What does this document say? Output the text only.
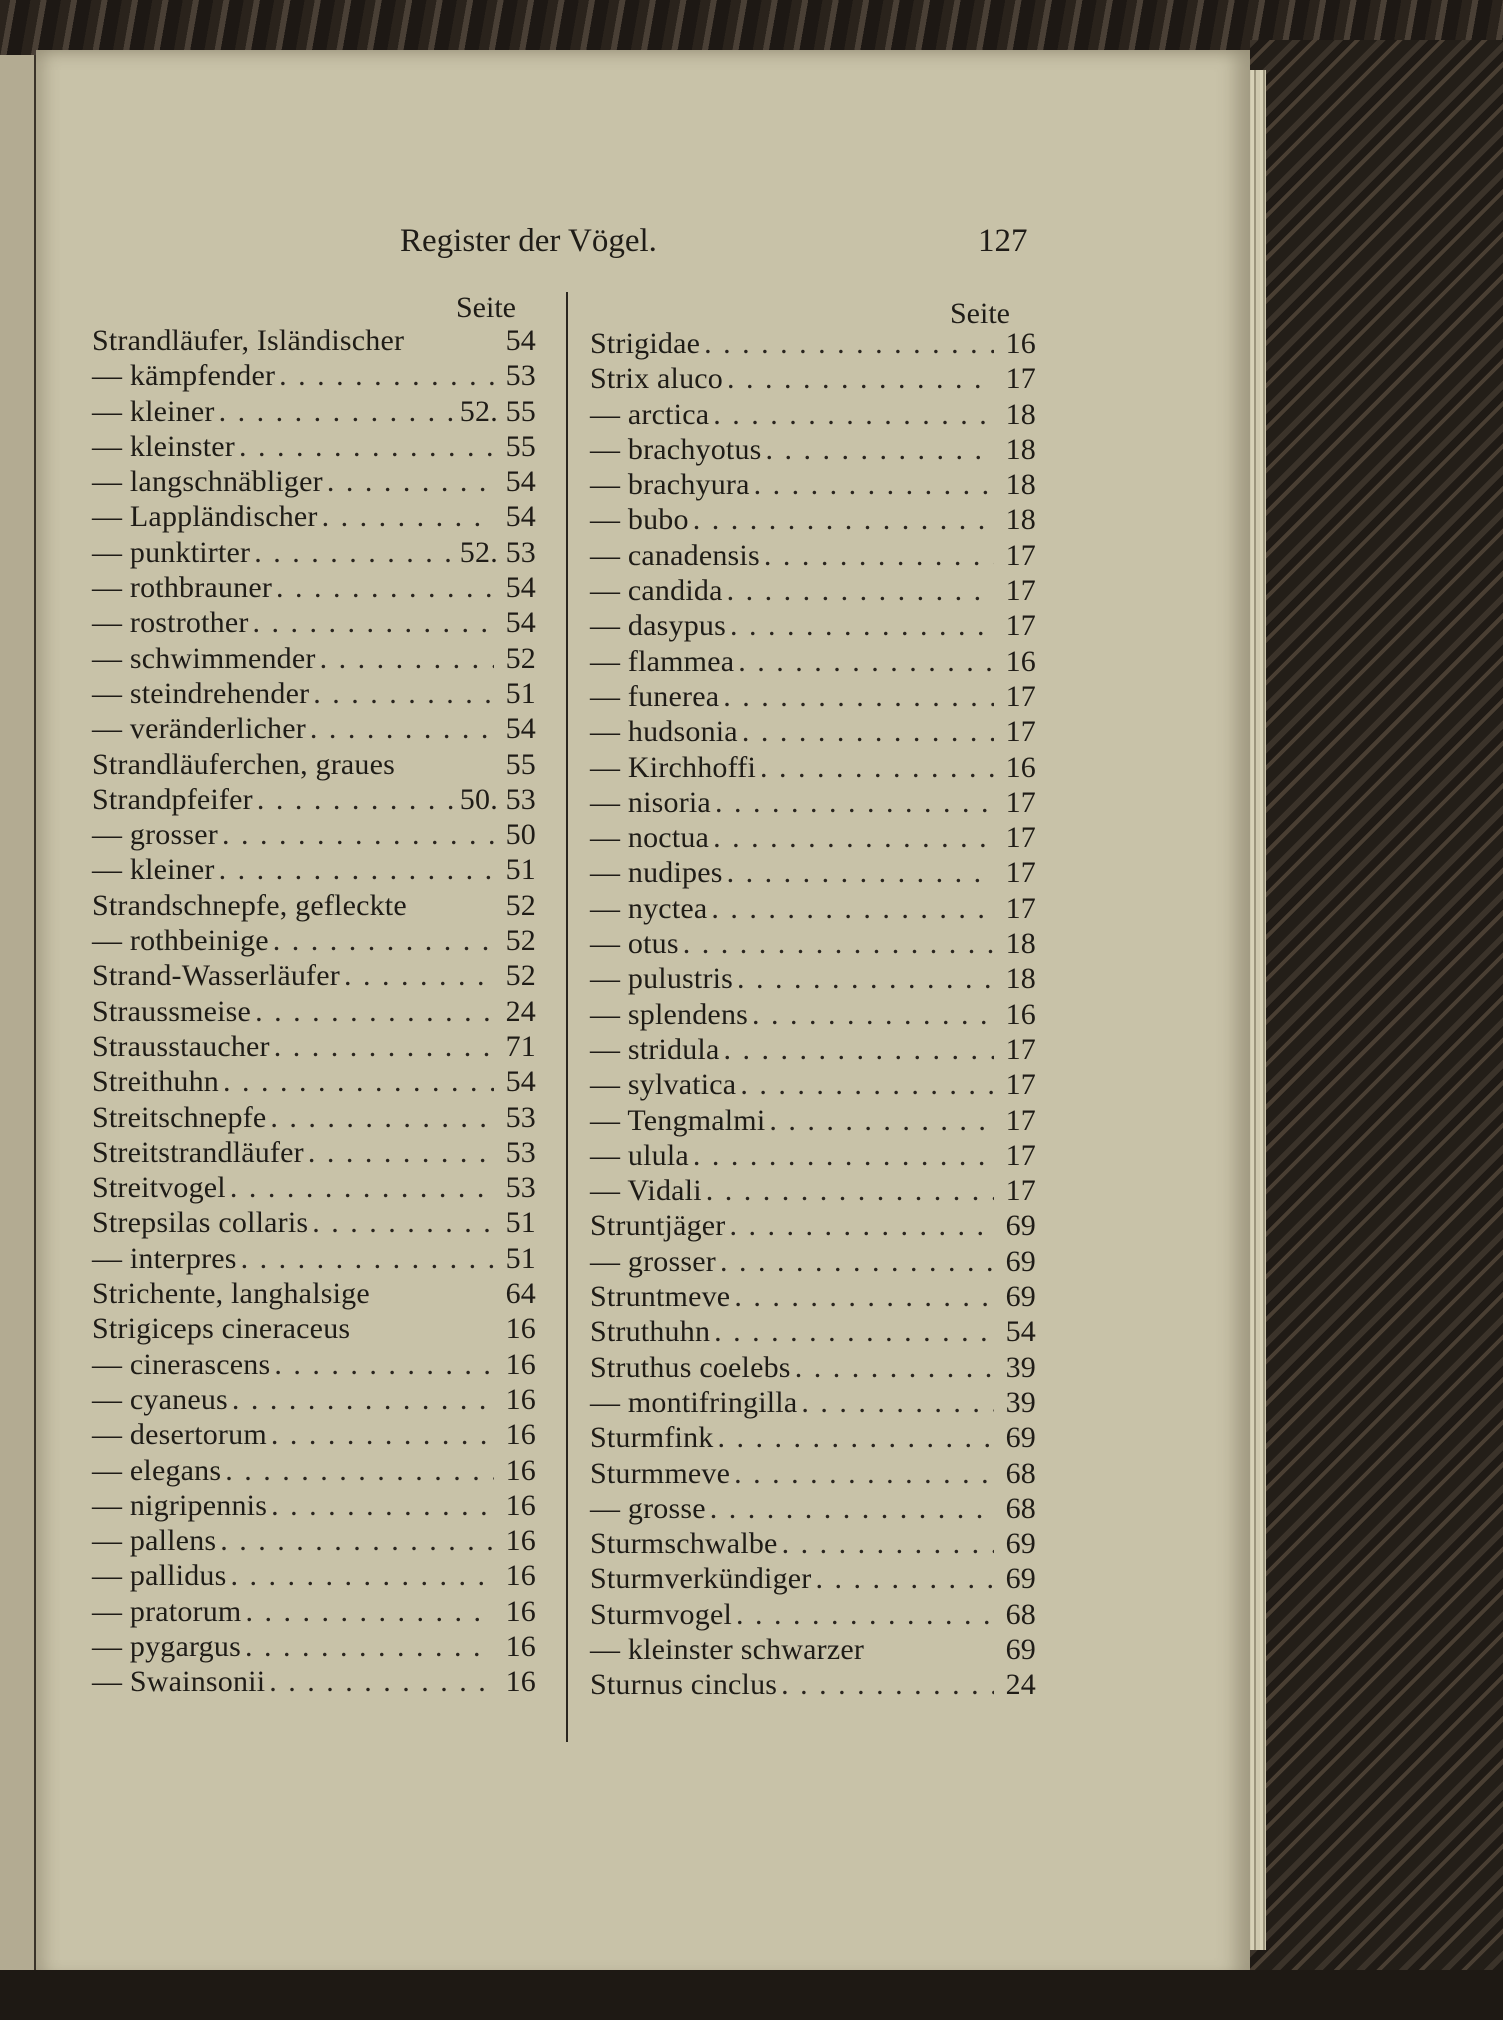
Register der Vögel.	127
Seite	Seite
Strandläufer, Isländischer	54
— kämpfender . . .	53
— kleiner . . .	52. 55
— kleinster . . .	55
— langschnäbliger . . .	54
— Lappländischer . . .	54
— punktirter . . .	52. 53
— rothbrauner . . .	54
— rostrother . . .	54
— schwimmender . . .	52
— steindrehender . . .	51
— veränderlicher . . .	54
Strandläuferchen, graues	55
Strandpfeifer . . .	50. 53
— grosser . . .	50
— kleiner . . .	51
Strandschnepfe, gefleckte	52
— rothbeinige . . .	52
Strand-Wasserläufer . . .	52
Straussmeise . . .	24
Strausstaucher . . .	71
Streithuhn . . .	54
Streitschnepfe . . .	53
Streitstrandläufer . . .	53
Streitvogel . . .	53
Strepsilas collaris . . .	51
— interpres . . .	51
Strichente, langhalsige	64
Strigiceps cineraceus	16
— cinerascens . . .	16
— cyaneus . . .	16
— desertorum . . .	16
— elegans . . .	16
— nigripennis . . .	16
— pallens . . .	16
— pallidus . . .	16
— pratorum . . .	16
— pygargus . . .	16
— Swainsonii . . .	16
Strigidae . . .	16
Strix aluco . . .	17
— arctica . . .	18
— brachyotus . . .	18
— brachyura . . .	18
— bubo . . .	18
— canadensis . . .	17
— candida . . .	17
— dasypus . . .	17
— flammea . . .	16
— funerea . . .	17
— hudsonia . . .	17
— Kirchhoffi . . .	16
— nisoria . . .	17
— noctua . . .	17
— nudipes . . .	17
— nyctea . . .	17
— otus . . .	18
— pulustris . . .	18
— splendens . . .	16
— stridula . . .	17
— sylvatica . . .	17
— Tengmalmi . . .	17
— ulula . . .	17
— Vidali . . .	17
Struntjäger . . .	69
— grosser . . .	69
Struntmeve . . .	69
Struthuhn . . .	54
Struthus coelebs . . .	39
— montifringilla . . .	39
Sturmfink . . .	69
Sturmmeve . . .	68
— grosse . . .	68
Sturmschwalbe . . .	69
Sturmverkündiger . . .	69
Sturmvogel . . .	68
— kleinster schwarzer	69
Sturnus cinclus . . .	24
